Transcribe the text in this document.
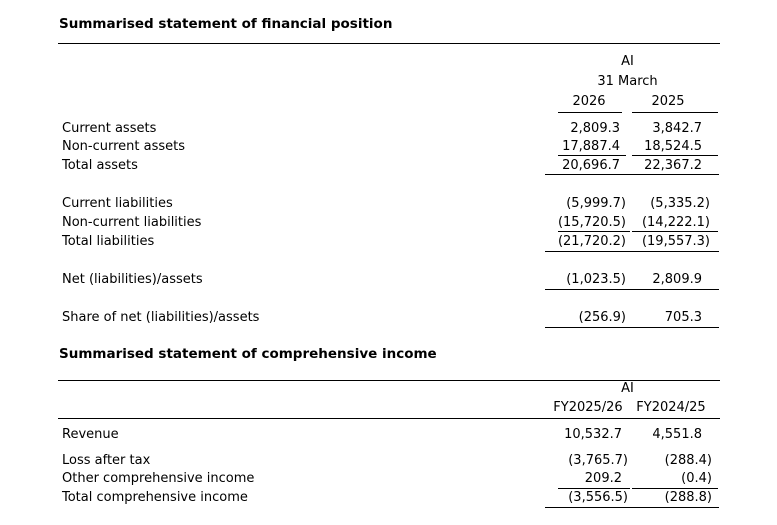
Summarised statement of financial position
AI
31 March
2026	2025
Current assets	2,809.3	3,842.7
Non-current assets	17,887.4	18,524.5
Total assets	20,696.7	22,367.2
Current liabilities	(5,999.7)	(5,335.2)
Non-current liabilities	(15,720.5)	(14,222.1)
Total liabilities	(21,720.2)	(19,557.3)
Net (liabilities)/assets	(1,023.5)	2,809.9
Share of net (liabilities)/assets	(256.9)	705.3
Summarised statement of comprehensive income
AI
FY2025/26	FY2024/25
Revenue	10,532.7	4,551.8
Loss after tax	(3,765.7)	(288.4)
Other comprehensive income	209.2	(0.4)
Total comprehensive income	(3,556.5)	(288.8)
